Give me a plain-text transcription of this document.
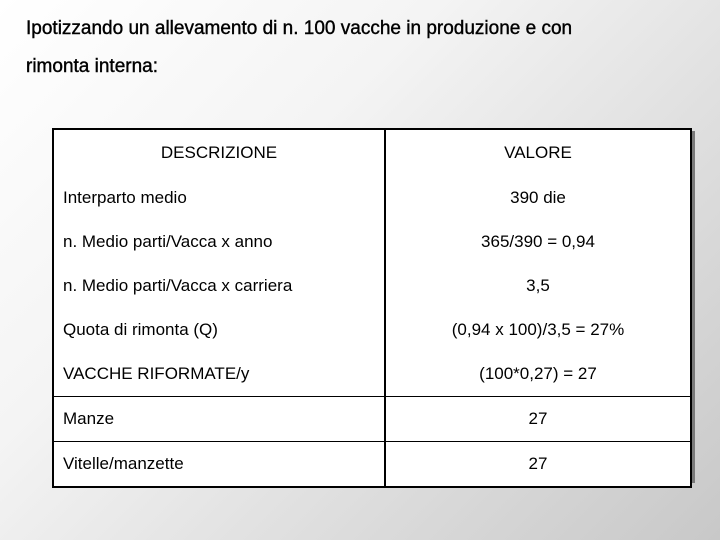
Ipotizzando un allevamento di n. 100 vacche in produzione e con
rimonta interna:
DESCRIZIONE	VALORE
Interparto medio	390 die
n. Medio parti/Vacca x anno	365/390 = 0,94
n. Medio parti/Vacca x carriera	3,5
Quota di rimonta (Q)	(0,94 x 100)/3,5 = 27%
VACCHE RIFORMATE/y	(100*0,27) = 27
Manze	27
Vitelle/manzette	27
